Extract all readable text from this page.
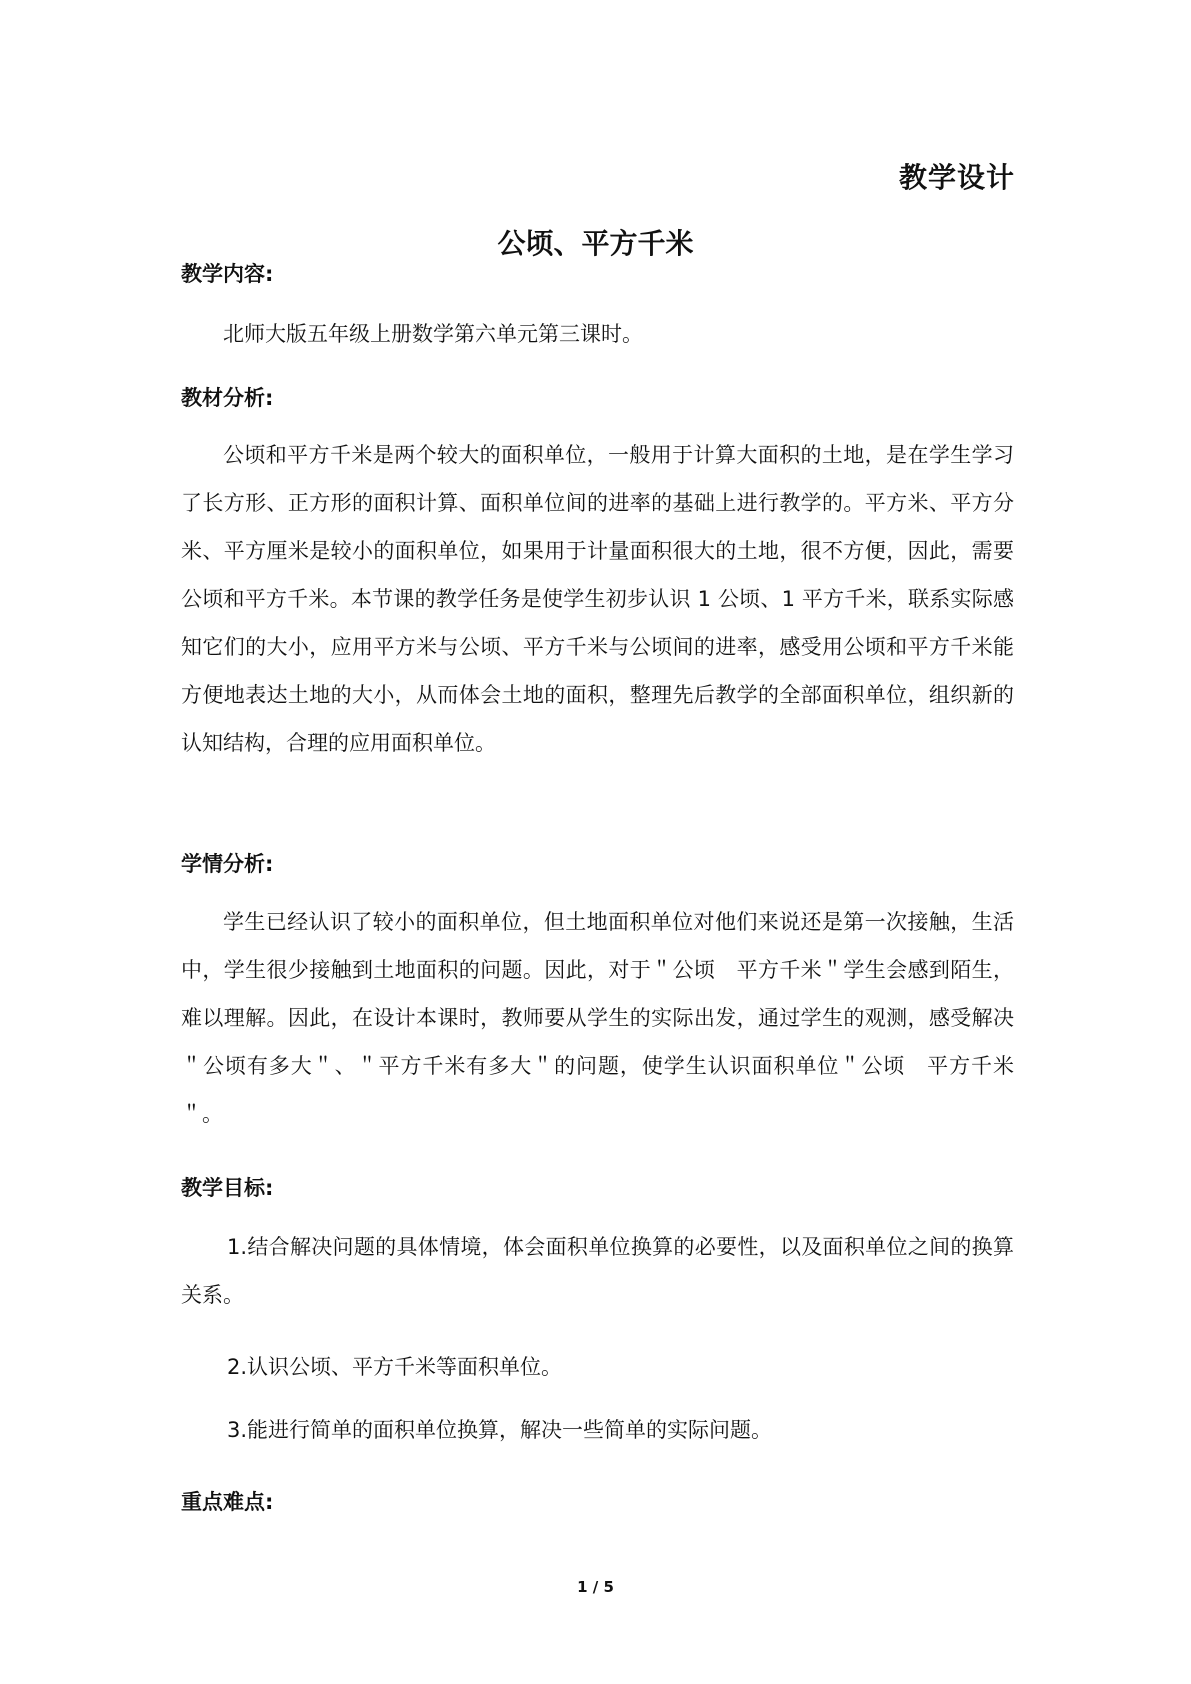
教学设计
公顷、平方千米
教学内容:

北师大版五年级上册数学第六单元第三课时。

教材分析:

公顷和平方千米是两个较大的面积单位，一般用于计算大面积的土地，是在学生学习了长方形、正方形的面积计算、面积单位间的进率的基础上进行教学的。平方米、平方分米、平方厘米是较小的面积单位，如果用于计量面积很大的土地，很不方便，因此，需要公顷和平方千米。本节课的教学任务是使学生初步认识 1 公顷、1 平方千米，联系实际感知它们的大小，应用平方米与公顷、平方千米与公顷间的进率，感受用公顷和平方千米能方便地表达土地的大小，从而体会土地的面积，整理先后教学的全部面积单位，组织新的认知结构，合理的应用面积单位。

学情分析:

学生已经认识了较小的面积单位，但土地面积单位对他们来说还是第一次接触，生活中，学生很少接触到土地面积的问题。因此，对于＂公顷　平方千米＂学生会感到陌生，难以理解。因此，在设计本课时，教师要从学生的实际出发，通过学生的观测，感受解决＂公顷有多大＂、＂平方千米有多大＂的问题，使学生认识面积单位＂公顷　平方千米＂。

教学目标:

1.结合解决问题的具体情境，体会面积单位换算的必要性，以及面积单位之间的换算关系。

2.认识公顷、平方千米等面积单位。

3.能进行简单的面积单位换算，解决一些简单的实际问题。

重点难点:
1 / 5
